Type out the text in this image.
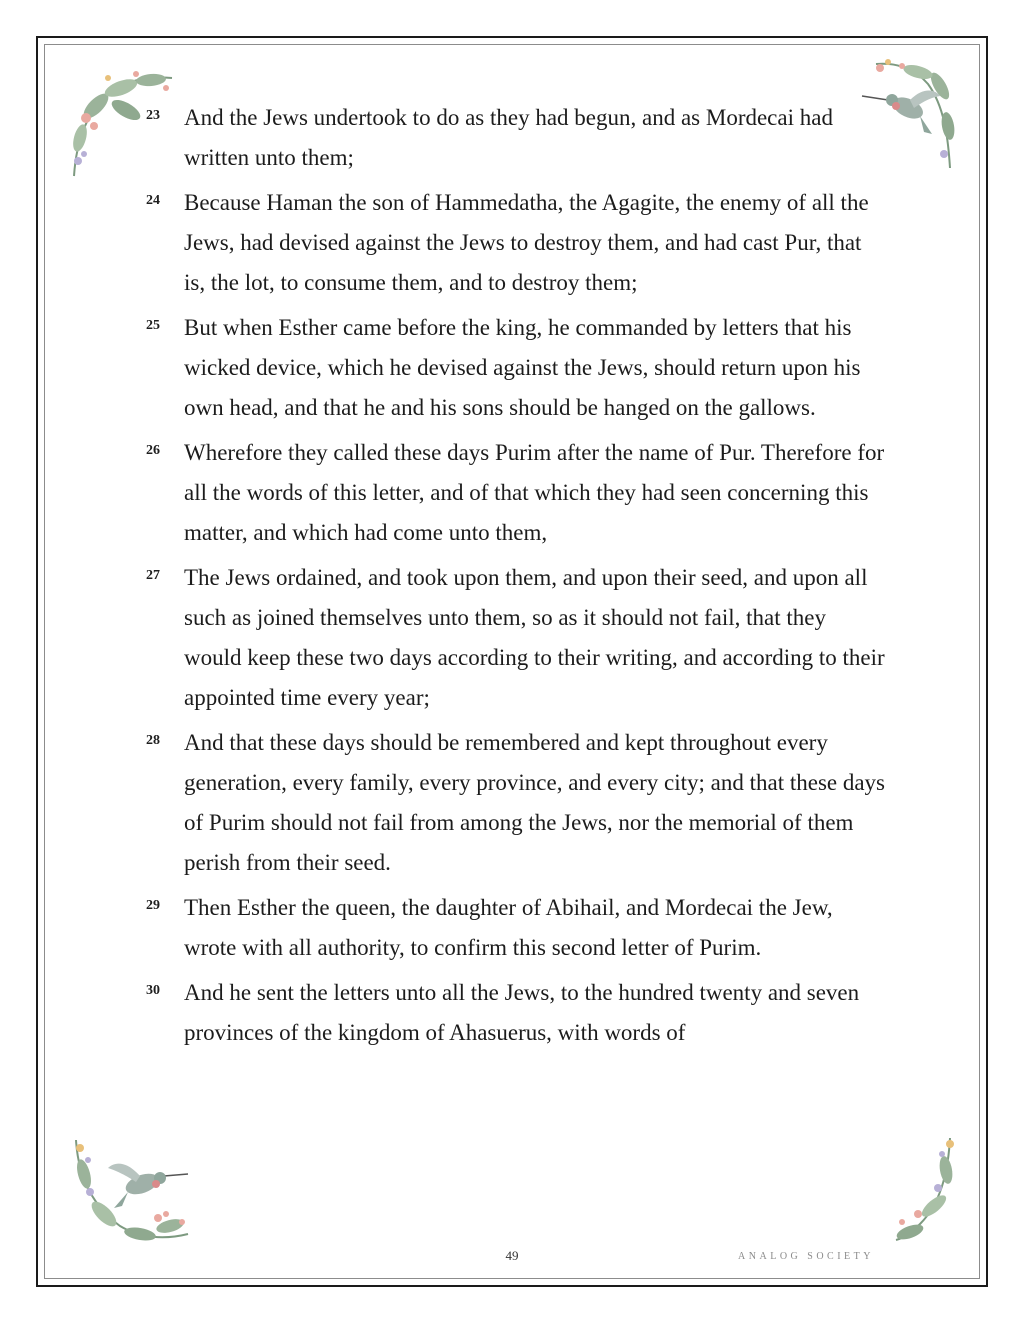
23	And the Jews undertook to do as they had begun, and as Mordecai had written unto them;
24	Because Haman the son of Hammedatha, the Agagite, the enemy of all the Jews, had devised against the Jews to destroy them, and had cast Pur, that is, the lot, to consume them, and to destroy them;
25	But when Esther came before the king, he commanded by letters that his wicked device, which he devised against the Jews, should return upon his own head, and that he and his sons should be hanged on the gallows.
26	Wherefore they called these days Purim after the name of Pur. Therefore for all the words of this letter, and of that which they had seen concerning this matter, and which had come unto them,
27	The Jews ordained, and took upon them, and upon their seed, and upon all such as joined themselves unto them, so as it should not fail, that they would keep these two days according to their writing, and according to their appointed time every year;
28	And that these days should be remembered and kept throughout every generation, every family, every province, and every city; and that these days of Purim should not fail from among the Jews, nor the memorial of them perish from their seed.
29	Then Esther the queen, the daughter of Abihail, and Mordecai the Jew, wrote with all authority, to confirm this second letter of Purim.
30	And he sent the letters unto all the Jews, to the hundred twenty and seven provinces of the kingdom of Ahasuerus, with words of
49	ANALOG SOCIETY
